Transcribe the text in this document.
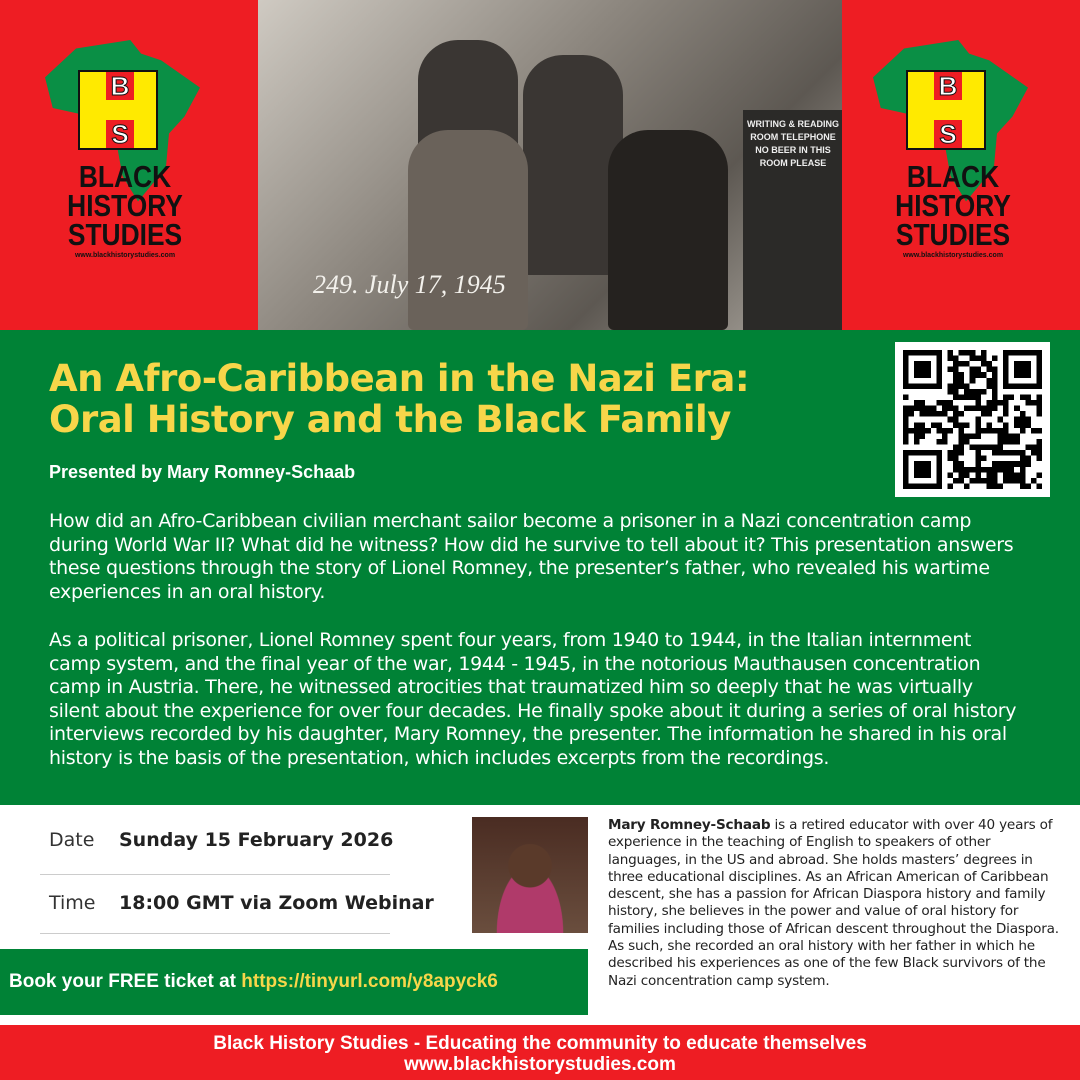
B
S
BLACK
HISTORY
STUDIES
www.blackhistorystudies.com
WRITING & READING ROOM TELEPHONE NO BEER IN THIS ROOM PLEASE
249. July 17, 1945
B
S
BLACK
HISTORY
STUDIES
www.blackhistorystudies.com
An Afro-Caribbean in the Nazi Era:
Oral History and the Black Family
Presented by Mary Romney-Schaab
How did an Afro-Caribbean civilian merchant sailor become a prisoner in a Nazi concentration camp during World War II? What did he witness? How did he survive to tell about it? This presentation answers these questions through the story of Lionel Romney, the presenter’s father, who revealed his wartime experiences in an oral history.
As a political prisoner, Lionel Romney spent four years, from 1940 to 1944, in the Italian internment camp system, and the final year of the war, 1944 - 1945, in the notorious Mauthausen concentration camp in Austria. There, he witnessed atrocities that traumatized him so deeply that he was virtually silent about the experience for over four decades. He finally spoke about it during a series of oral history interviews recorded by his daughter, Mary Romney, the presenter. The information he shared in his oral history is the basis of the presentation, which includes excerpts from the recordings.
Date Sunday 15 February 2026
Time 18:00 GMT via Zoom Webinar
Book your FREE ticket at https://tinyurl.com/y8apyck6
Mary Romney-Schaab is a retired educator with over 40 years of experience in the teaching of English to speakers of other languages, in the US and abroad. She holds masters’ degrees in three educational disciplines. As an African American of Caribbean descent, she has a passion for African Diaspora history and family history, she believes in the power and value of oral history for families including those of African descent throughout the Diaspora. As such, she recorded an oral history with her father in which he described his experiences as one of the few Black survivors of the Nazi concentration camp system.
Black History Studies - Educating the community to educate themselves
www.blackhistorystudies.com
